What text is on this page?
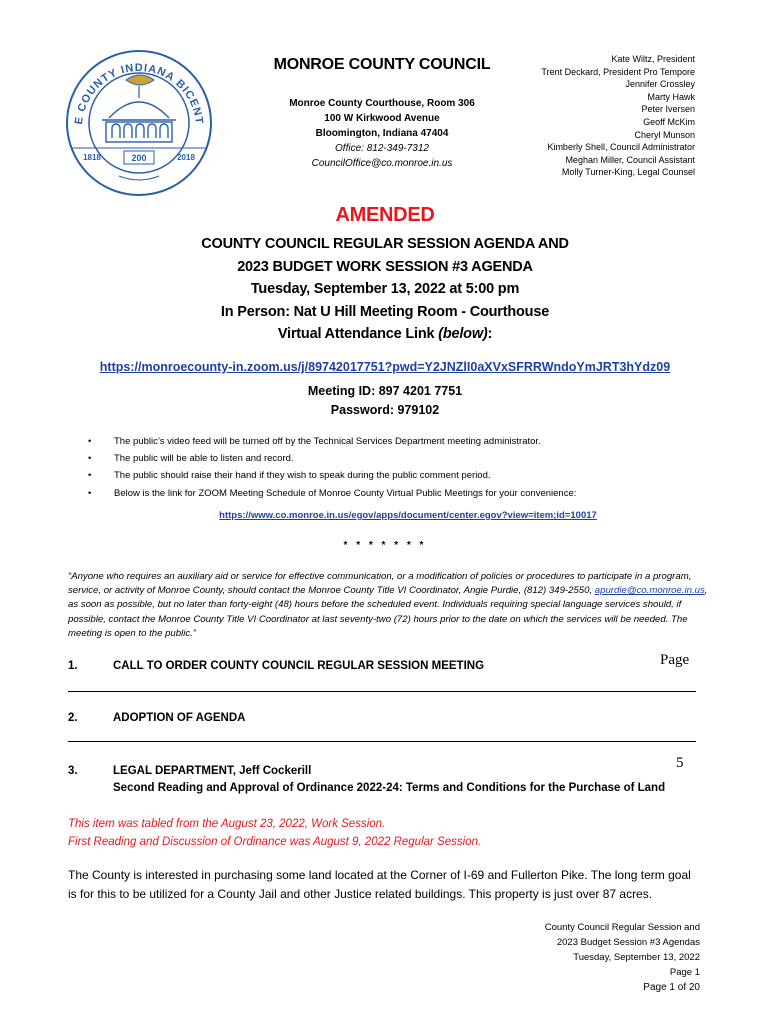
E COUNTY INDIANA BICENT
1818	200	2018
MONROE COUNTY COUNCIL
Monroe County Courthouse, Room 306
100 W Kirkwood Avenue
Bloomington, Indiana 47404
Office: 812-349-7312
CouncilOffice@co.monroe.in.us
Kate Wiltz, President
Trent Deckard, President Pro Tempore
Jennifer Crossley
Marty Hawk
Peter Iversen
Geoff McKim
Cheryl Munson
Kimberly Shell, Council Administrator
Meghan Miller, Council Assistant
Molly Turner-King, Legal Counsel
AMENDED
COUNTY COUNCIL REGULAR SESSION AGENDA AND
2023 BUDGET WORK SESSION #3 AGENDA
Tuesday, September 13, 2022 at 5:00 pm
In Person: Nat U Hill Meeting Room - Courthouse
Virtual Attendance Link (below):
https://monroecounty-in.zoom.us/j/89742017751?pwd=Y2JNZlI0aXVxSFRRWndoYmJRT3hYdz09
Meeting ID: 897 4201 7751
Password: 979102
•	The public’s video feed will be turned off by the Technical Services Department meeting administrator.
•	The public will be able to listen and record.
•	The public should raise their hand if they wish to speak during the public comment period.
•	Below is the link for ZOOM Meeting Schedule of Monroe County Virtual Public Meetings for your convenience:
https://www.co.monroe.in.us/egov/apps/document/center.egov?view=item;id=10017
* * * * * * *
“Anyone who requires an auxiliary aid or service for effective communication, or a modification of policies or procedures to participate in a program, service, or activity of Monroe County, should contact the Monroe County Title VI Coordinator, Angie Purdie, (812) 349-2550, apurdie@co.monroe.in.us, as soon as possible, but no later than forty-eight (48) hours before the scheduled event. Individuals requiring special language services should, if possible, contact the Monroe County Title VI Coordinator at last seventy-two (72) hours prior to the date on which the services will be needed. The meeting is open to the public.”
1.	CALL TO ORDER COUNTY COUNCIL REGULAR SESSION MEETING	Page
2.	ADOPTION OF AGENDA
5
3.	LEGAL DEPARTMENT, Jeff Cockerill
Second Reading and Approval of Ordinance 2022-24: Terms and Conditions for the Purchase of Land
This item was tabled from the August 23, 2022, Work Session.
First Reading and Discussion of Ordinance was August 9, 2022 Regular Session.
The County is interested in purchasing some land located at the Corner of I-69 and Fullerton Pike. The long term goal is for this to be utilized for a County Jail and other Justice related buildings. This property is just over 87 acres.
County Council Regular Session and
2023 Budget Session #3 Agendas
Tuesday, September 13, 2022
Page 1
Page 1 of 20
